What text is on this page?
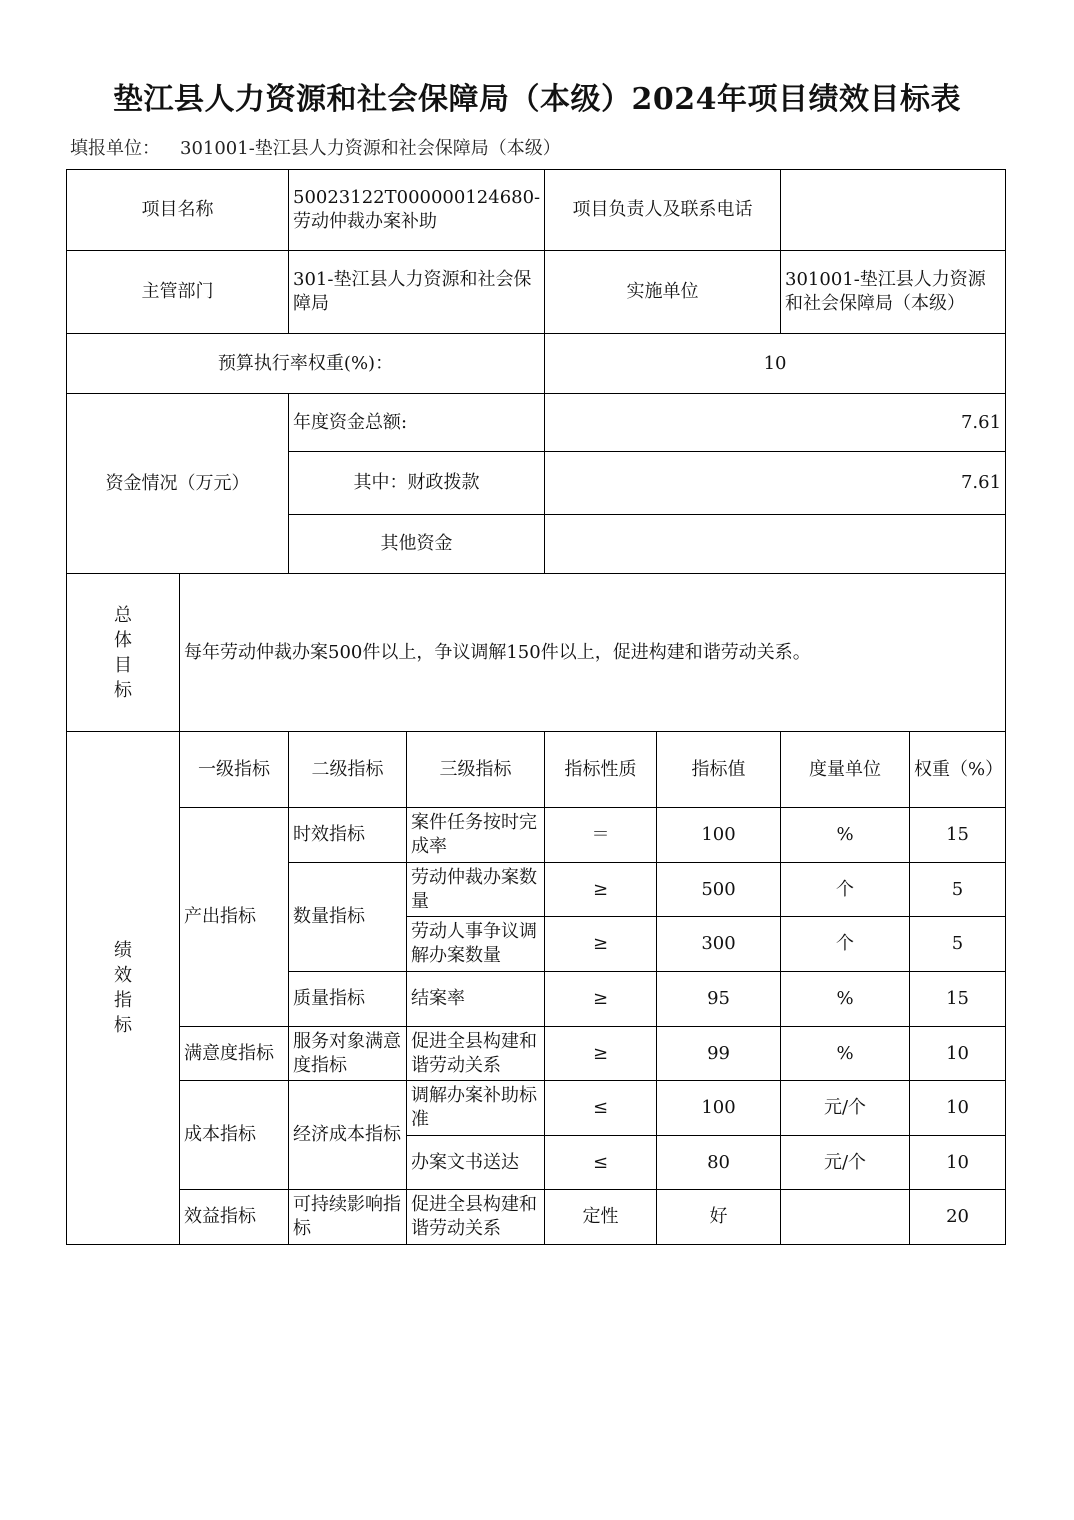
垫江县人力资源和社会保障局（本级）2024年项目绩效目标表
填报单位： 301001-垫江县人力资源和社会保障局（本级）
项目名称		50023122T000000124680-劳动仲裁办案补助		项目负责人及联系电话			
主管部门		301-垫江县人力资源和社会保障局		实施单位		301001-垫江县人力资源和社会保障局（本级）	
预算执行率权重(%)：				10			
资金情况（万元）		年度资金总额:		7.61			
		其中：财政拨款		7.61			
		其他资金					
总体目标	每年劳动仲裁办案500件以上，争议调解150件以上，促进构建和谐劳动关系。						
绩效指标	一级指标	二级指标	三级指标	指标性质	指标值	度量单位	权重（%）
	产出指标	时效指标	案件任务按时完成率	＝	100	%	15
		数量指标	劳动仲裁办案数量	≥	500	个	5
			劳动人事争议调解办案数量	≥	300	个	5
		质量指标	结案率	≥	95	%	15
	满意度指标	服务对象满意度指标	促进全县构建和谐劳动关系	≥	99	%	10
	成本指标	经济成本指标	调解办案补助标准	≤	100	元/个	10
			办案文书送达	≤	80	元/个	10
	效益指标	可持续影响指标	促进全县构建和谐劳动关系	定性	好		20
